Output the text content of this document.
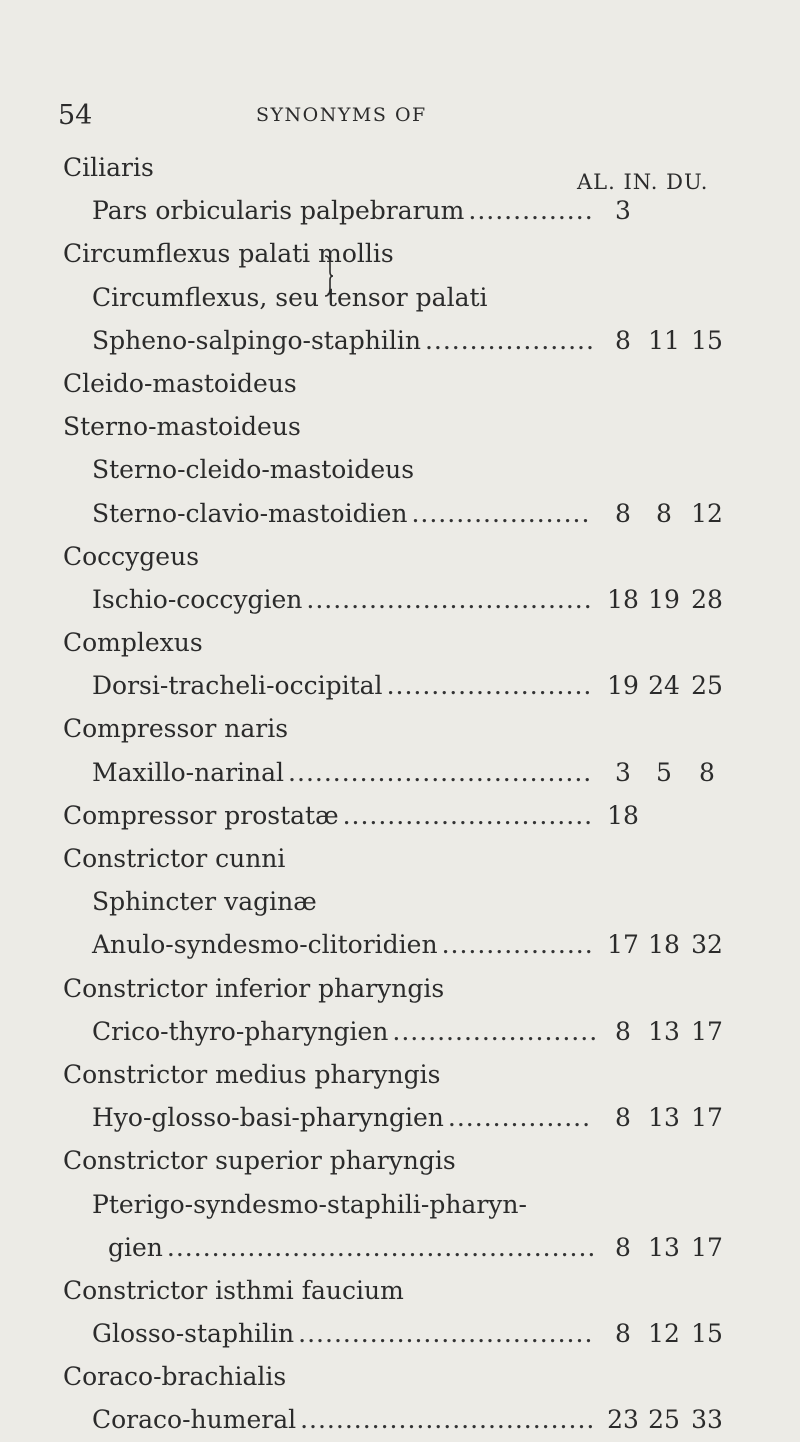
54	SYNONYMS OF
AL. IN. DU.
Ciliaris
Pars orbicularis palpebrarum .............. 3
Circumflexus palati mollis
Circumflexus, seu tensor palati
Spheno-salpingo-staphilin ................... 8 11 15
Cleido-mastoideus
Sterno-mastoideus
Sterno-cleido-mastoideus
Sterno-clavio-mastoidien .................... 8	8 12
Coccygeus
Ischio-coccygien ................................ 18 19 28
Complexus
Dorsi-tracheli-occipital ....................... 19 24 25
Compressor naris
Maxillo-narinal .................................. 3	5	8
Compressor prostatæ ............................ 18
Constrictor cunni
Sphincter vaginæ
Anulo-syndesmo-clitoridien ................. 17 18 32
Constrictor inferior pharyngis
Crico-thyro-pharyngien ....................... 8 13 17
Constrictor medius pharyngis
Hyo-glosso-basi-pharyngien ................ 8 13 17
Constrictor superior pharyngis
Pterigo-syndesmo-staphili-pharyn-
gien ................................................ 8 13 17
Constrictor isthmi faucium
Glosso-staphilin ................................. 8 12 15
Coraco-brachialis
Coraco-humeral ................................. 23 25 33
